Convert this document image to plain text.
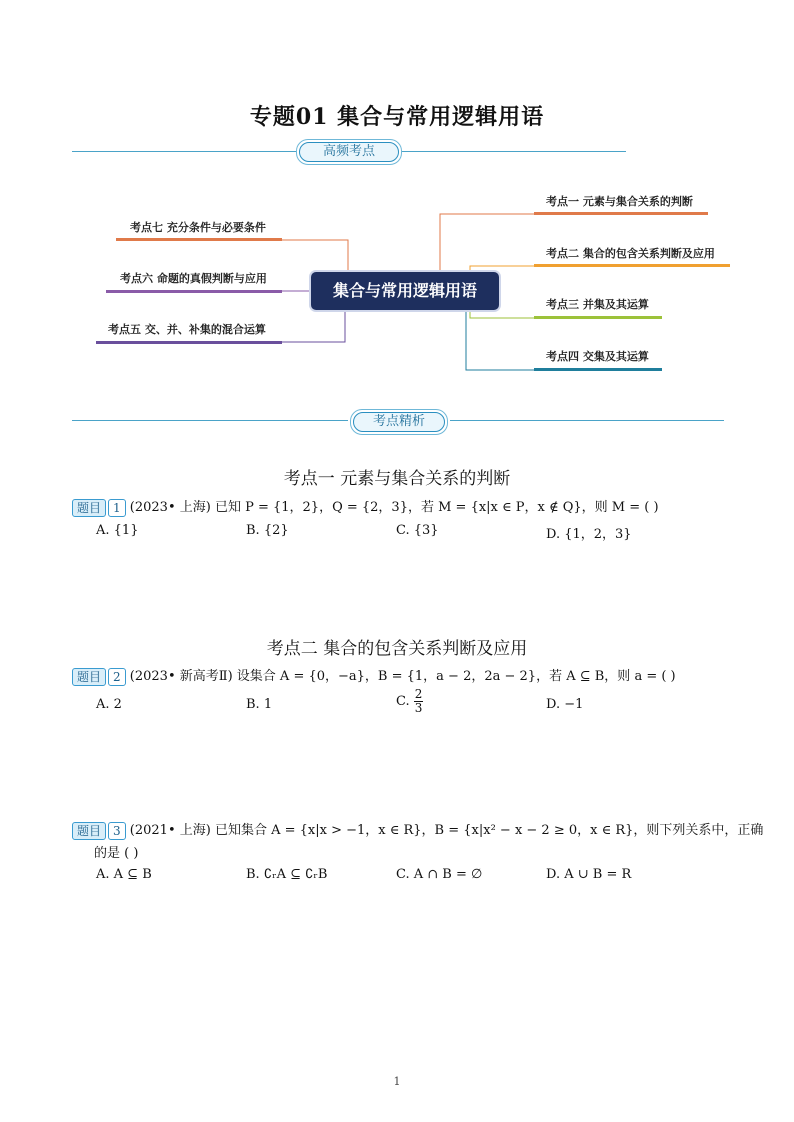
专题01 集合与常用逻辑用语
高频考点
集合与常用逻辑用语
考点一 元素与集合关系的判断
考点二 集合的包含关系判断及应用
考点三 并集及其运算
考点四 交集及其运算
考点七 充分条件与必要条件
考点六 命题的真假判断与应用
考点五 交、并、补集的混合运算
考点精析
考点一 元素与集合关系的判断
题目 1 (2023• 上海) 已知 P = {1，2}，Q = {2，3}，若 M = {x|x ∈ P，x ∉ Q}，则 M = ( )
A. {1}	B. {2}	C. {3}	D. {1，2，3}
考点二 集合的包含关系判断及应用
题目 2 (2023• 新高考Ⅱ) 设集合 A = {0，−a}，B = {1，a − 2，2a − 2}，若 A ⊆ B，则 a = ( )
A. 2	B. 1	C. $\frac{2}{3}$	D. −1
题目 3 (2021• 上海) 已知集合 A = {x|x > −1，x ∈ R}，B = {x|x² − x − 2 ≥ 0，x ∈ R}，则下列关系中，正确
的是 ( )
A. A ⊆ B	B. ∁ᵣA ⊆ ∁ᵣB	C. A ∩ B = ∅	D. A ∪ B = R
1
